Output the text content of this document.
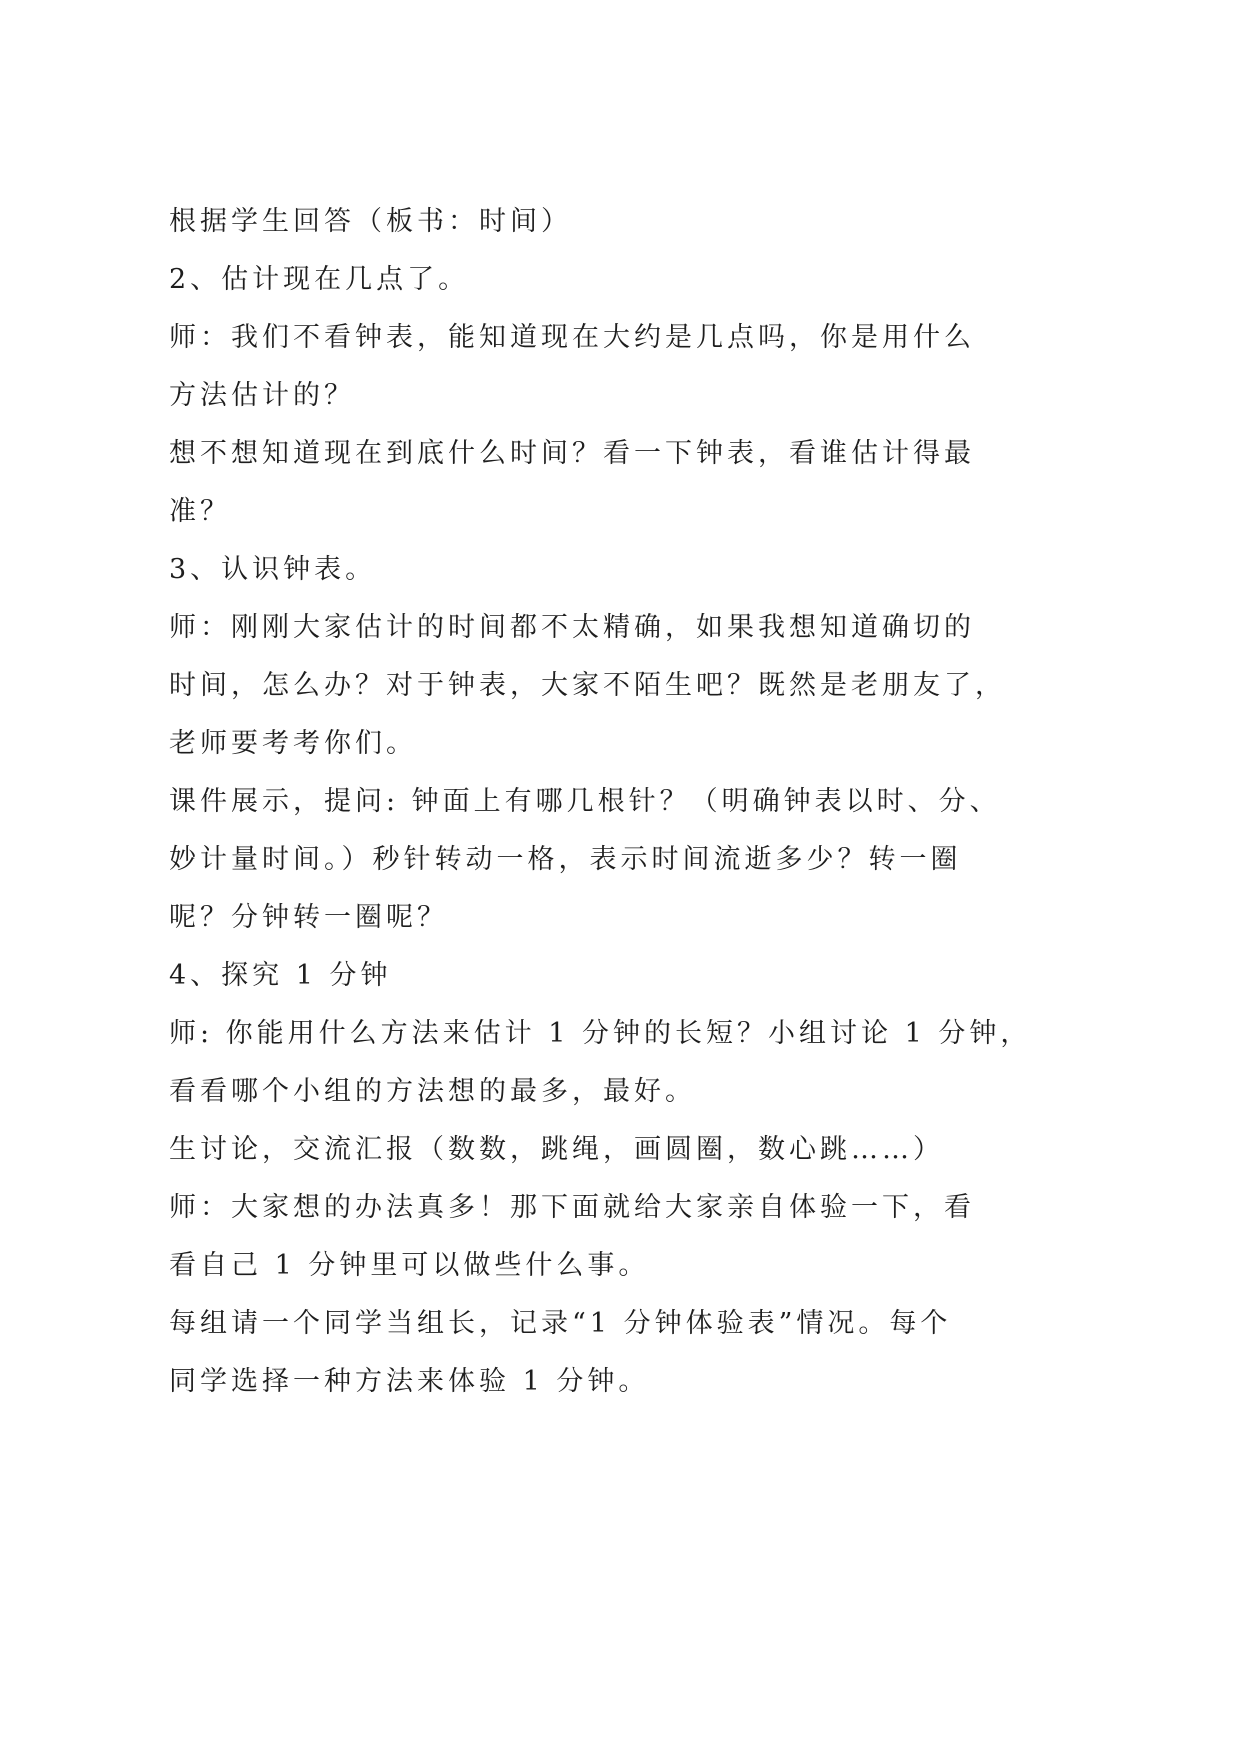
根据学生回答（板书：时间）

2、估计现在几点了。

师：我们不看钟表，能知道现在大约是几点吗，你是用什么

方法估计的？

想不想知道现在到底什么时间？看一下钟表，看谁估计得最

准？

3、认识钟表。

师：刚刚大家估计的时间都不太精确，如果我想知道确切的

时间，怎么办？对于钟表，大家不陌生吧？既然是老朋友了，

老师要考考你们。

课件展示，提问: 钟面上有哪几根针？（明确钟表以时、分、

妙计量时间。）秒针转动一格，表示时间流逝多少？转一圈

呢？分钟转一圈呢？

4、探究 1 分钟

师: 你能用什么方法来估计 1 分钟的长短？小组讨论 1 分钟，

看看哪个小组的方法想的最多，最好。

生讨论，交流汇报（数数，跳绳，画圆圈，数心跳……）

师：大家想的办法真多！那下面就给大家亲自体验一下，看

看自己 1 分钟里可以做些什么事。

每组请一个同学当组长，记录“1 分钟体验表”情况。每个

同学选择一种方法来体验 1 分钟。
